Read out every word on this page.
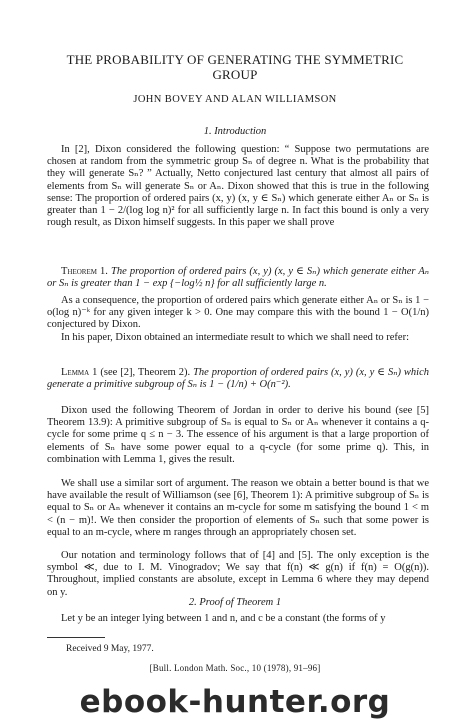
THE PROBABILITY OF GENERATING THE SYMMETRIC
GROUP
JOHN BOVEY AND ALAN WILLIAMSON
1. Introduction

In [2], Dixon considered the following question: “ Suppose two permutations are chosen at random from the symmetric group Sₙ of degree n. What is the probability that they will generate Sₙ? ” Actually, Netto conjectured last century that almost all pairs of elements from Sₙ will generate Sₙ or Aₙ. Dixon showed that this is true in the following sense: The proportion of ordered pairs (x, y) (x, y ∈ Sₙ) which generate either Aₙ or Sₙ is greater than 1 − 2/(log log n)² for all sufficiently large n. In fact this bound is only a very rough result, as Dixon himself suggests. In this paper we shall prove

Theorem 1. The proportion of ordered pairs (x, y) (x, y ∈ Sₙ) which generate either Aₙ or Sₙ is greater than 1 − exp {−log½ n} for all sufficiently large n.

As a consequence, the proportion of ordered pairs which generate either Aₙ or Sₙ is 1 − o(log n)⁻ᵏ for any given integer k > 0. One may compare this with the bound 1 − O(1/n) conjectured by Dixon.

In his paper, Dixon obtained an intermediate result to which we shall need to refer:

Lemma 1 (see [2], Theorem 2). The proportion of ordered pairs (x, y) (x, y ∈ Sₙ) which generate a primitive subgroup of Sₙ is 1 − (1/n) + O(n⁻²).

Dixon used the following Theorem of Jordan in order to derive his bound (see [5] Theorem 13.9): A primitive subgroup of Sₙ is equal to Sₙ or Aₙ whenever it contains a q-cycle for some prime q ≤ n − 3. The essence of his argument is that a large proportion of elements of Sₙ have some power equal to a q-cycle (for some prime q). This, in combination with Lemma 1, gives the result.

We shall use a similar sort of argument. The reason we obtain a better bound is that we have available the result of Williamson (see [6], Theorem 1): A primitive subgroup of Sₙ is equal to Sₙ or Aₙ whenever it contains an m-cycle for some m satisfying the bound 1 < m < (n − m)!. We then consider the proportion of elements of Sₙ such that some power is equal to an m-cycle, where m ranges through an appropriately chosen set.

Our notation and terminology follows that of [4] and [5]. The only exception is the symbol ≪, due to I. M. Vinogradov; We say that f(n) ≪ g(n) if f(n) = O(g(n)). Throughout, implied constants are absolute, except in Lemma 6 where they may depend on y.

2. Proof of Theorem 1

Let y be an integer lying between 1 and n, and c be a constant (the forms of y

Received 9 May, 1977.
[Bull. London Math. Soc., 10 (1978), 91–96]
ebook-hunter.org
